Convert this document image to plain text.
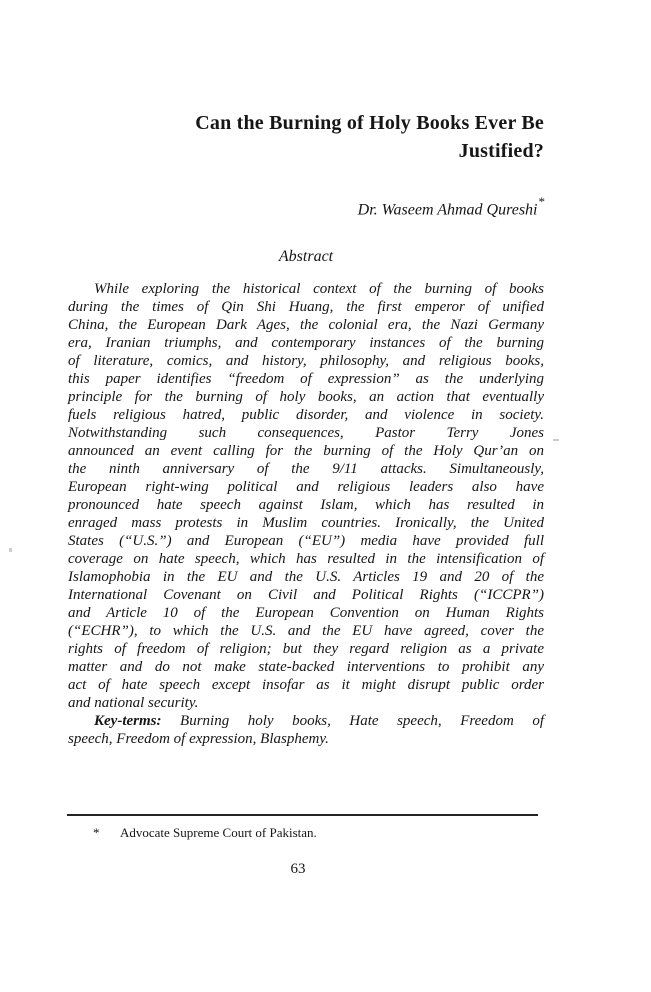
Can the Burning of Holy Books Ever Be
Justified?
Dr. Waseem Ahmad Qureshi*
Abstract
While exploring the historical context of the burning of books
during the times of Qin Shi Huang, the first emperor of unified
China, the European Dark Ages, the colonial era, the Nazi Germany
era, Iranian triumphs, and contemporary instances of the burning
of literature, comics, and history, philosophy, and religious books,
this paper identifies “freedom of expression” as the underlying
principle for the burning of holy books, an action that eventually
fuels religious hatred, public disorder, and violence in society.
Notwithstanding such consequences, Pastor Terry Jones
announced an event calling for the burning of the Holy Qur’an on
the ninth anniversary of the 9/11 attacks. Simultaneously,
European right-wing political and religious leaders also have
pronounced hate speech against Islam, which has resulted in
enraged mass protests in Muslim countries. Ironically, the United
States (“U.S.”) and European (“EU”) media have provided full
coverage on hate speech, which has resulted in the intensification of
Islamophobia in the EU and the U.S. Articles 19 and 20 of the
International Covenant on Civil and Political Rights (“ICCPR”)
and Article 10 of the European Convention on Human Rights
(“ECHR”), to which the U.S. and the EU have agreed, cover the
rights of freedom of religion; but they regard religion as a private
matter and do not make state-backed interventions to prohibit any
act of hate speech except insofar as it might disrupt public order
and national security.
Key-terms: Burning holy books, Hate speech, Freedom of
speech, Freedom of expression, Blasphemy.
* Advocate Supreme Court of Pakistan.
63
